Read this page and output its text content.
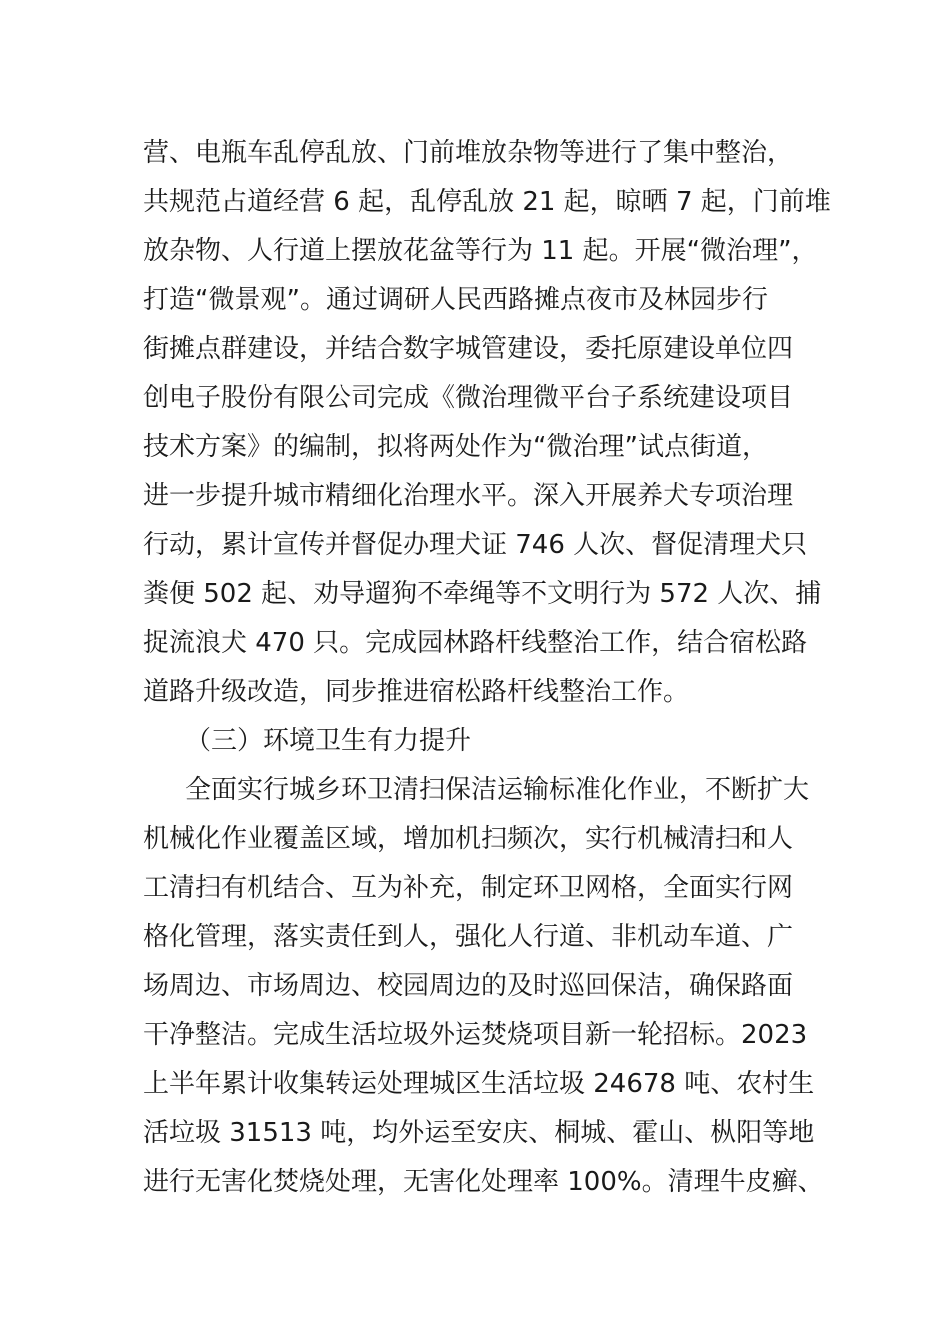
营、电瓶车乱停乱放、门前堆放杂物等进行了集中整治，
共规范占道经营 6 起，乱停乱放 21 起，晾晒 7 起，门前堆
放杂物、人行道上摆放花盆等行为 11 起。开展“微治理”，
打造“微景观”。通过调研人民西路摊点夜市及林园步行
街摊点群建设，并结合数字城管建设，委托原建设单位四
创电子股份有限公司完成《微治理微平台子系统建设项目
技术方案》的编制，拟将两处作为“微治理”试点街道，
进一步提升城市精细化治理水平。深入开展养犬专项治理
行动，累计宣传并督促办理犬证 746 人次、督促清理犬只
粪便 502 起、劝导遛狗不牵绳等不文明行为 572 人次、捕
捉流浪犬 470 只。完成园林路杆线整治工作，结合宿松路
道路升级改造，同步推进宿松路杆线整治工作。
（三）环境卫生有力提升
全面实行城乡环卫清扫保洁运输标准化作业，不断扩大
机械化作业覆盖区域，增加机扫频次，实行机械清扫和人
工清扫有机结合、互为补充，制定环卫网格，全面实行网
格化管理，落实责任到人，强化人行道、非机动车道、广
场周边、市场周边、校园周边的及时巡回保洁，确保路面
干净整洁。完成生活垃圾外运焚烧项目新一轮招标。2023
上半年累计收集转运处理城区生活垃圾 24678 吨、农村生
活垃圾 31513 吨，均外运至安庆、桐城、霍山、枞阳等地
进行无害化焚烧处理，无害化处理率 100%。清理牛皮癣、
